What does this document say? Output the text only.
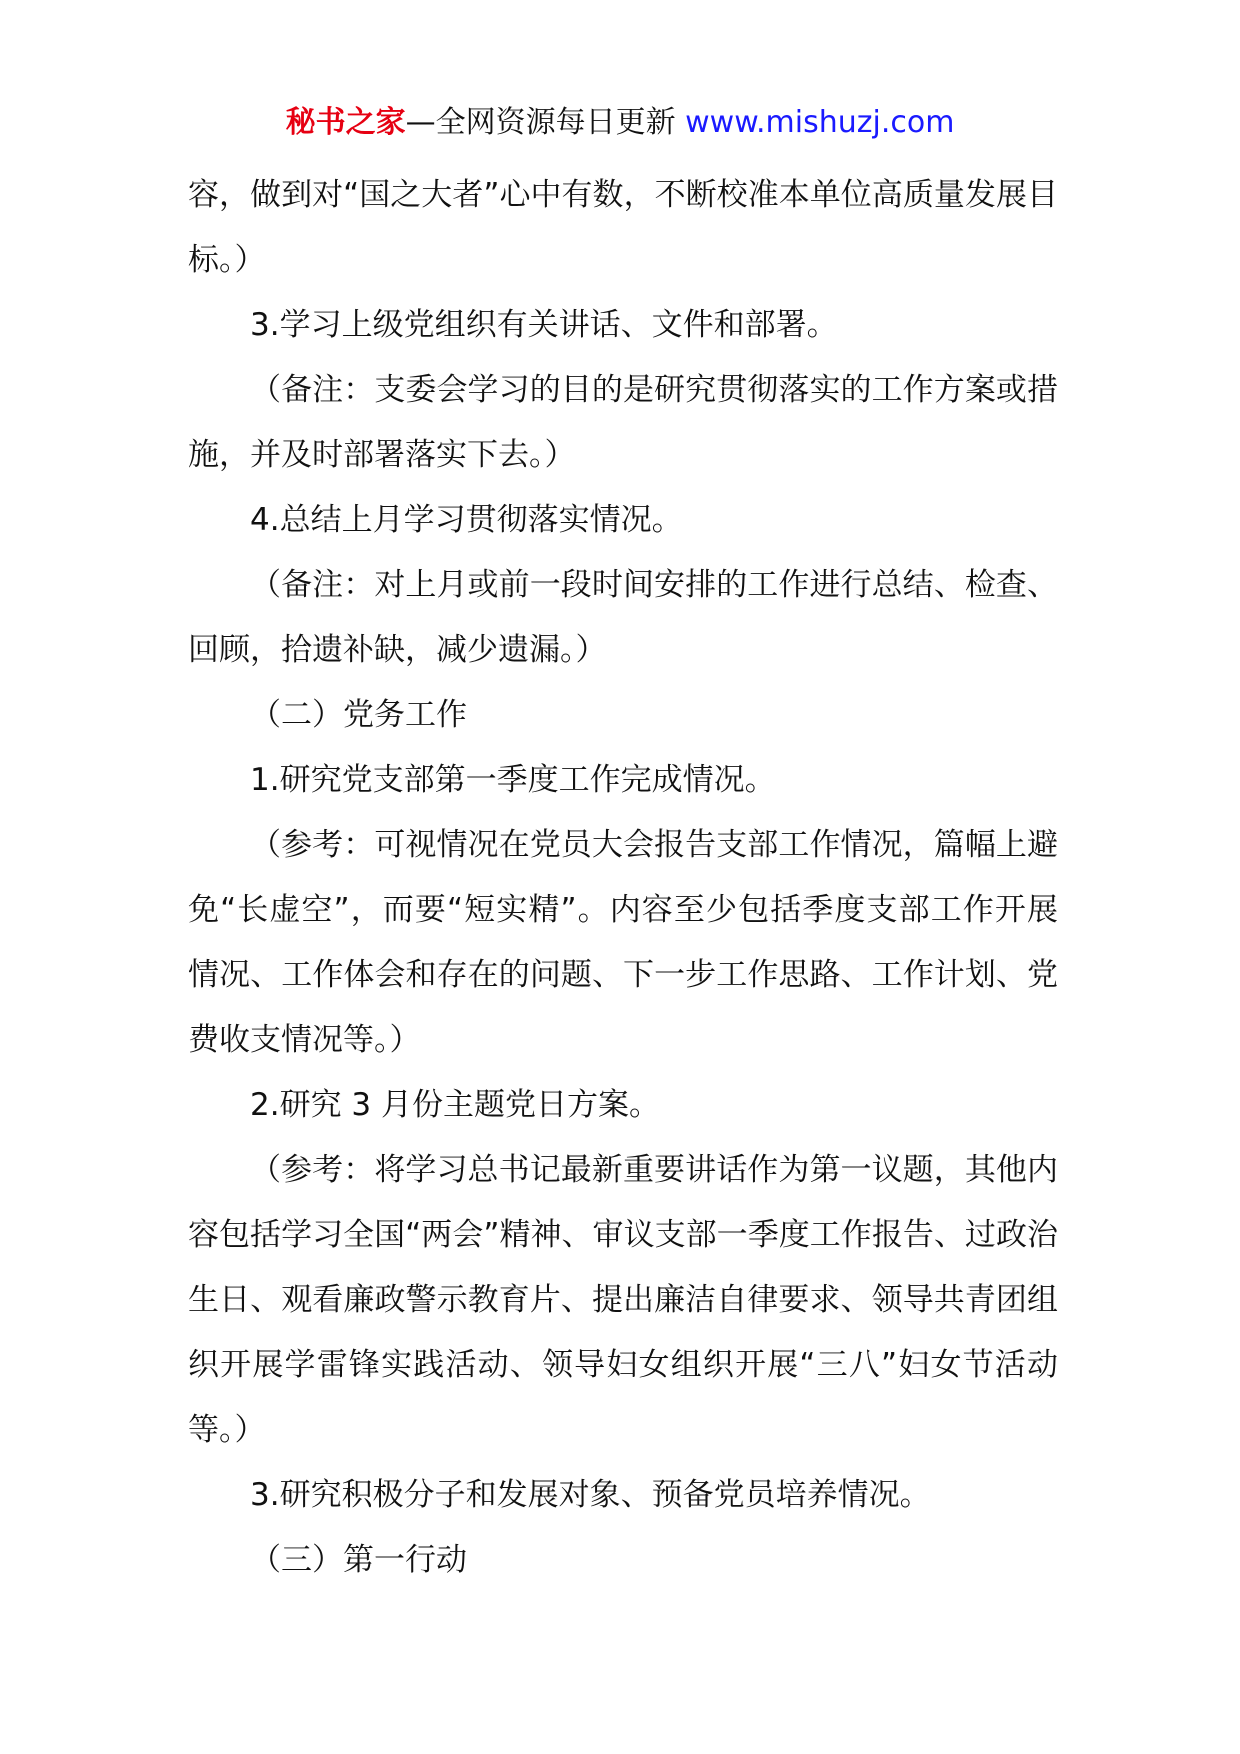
秘书之家—全网资源每日更新 www.mishuzj.com

容，做到对“国之大者”心中有数，不断校准本单位高质量发展目标。）

3.学习上级党组织有关讲话、文件和部署。

（备注：支委会学习的目的是研究贯彻落实的工作方案或措施，并及时部署落实下去。）

4.总结上月学习贯彻落实情况。

（备注：对上月或前一段时间安排的工作进行总结、检查、回顾，拾遗补缺，减少遗漏。）

（二）党务工作

1.研究党支部第一季度工作完成情况。

（参考：可视情况在党员大会报告支部工作情况，篇幅上避免“长虚空”，而要“短实精”。内容至少包括季度支部工作开展情况、工作体会和存在的问题、下一步工作思路、工作计划、党费收支情况等。）

2.研究 3 月份主题党日方案。

（参考：将学习总书记最新重要讲话作为第一议题，其他内容包括学习全国“两会”精神、审议支部一季度工作报告、过政治生日、观看廉政警示教育片、提出廉洁自律要求、领导共青团组织开展学雷锋实践活动、领导妇女组织开展“三八”妇女节活动等。）

3.研究积极分子和发展对象、预备党员培养情况。

（三）第一行动
